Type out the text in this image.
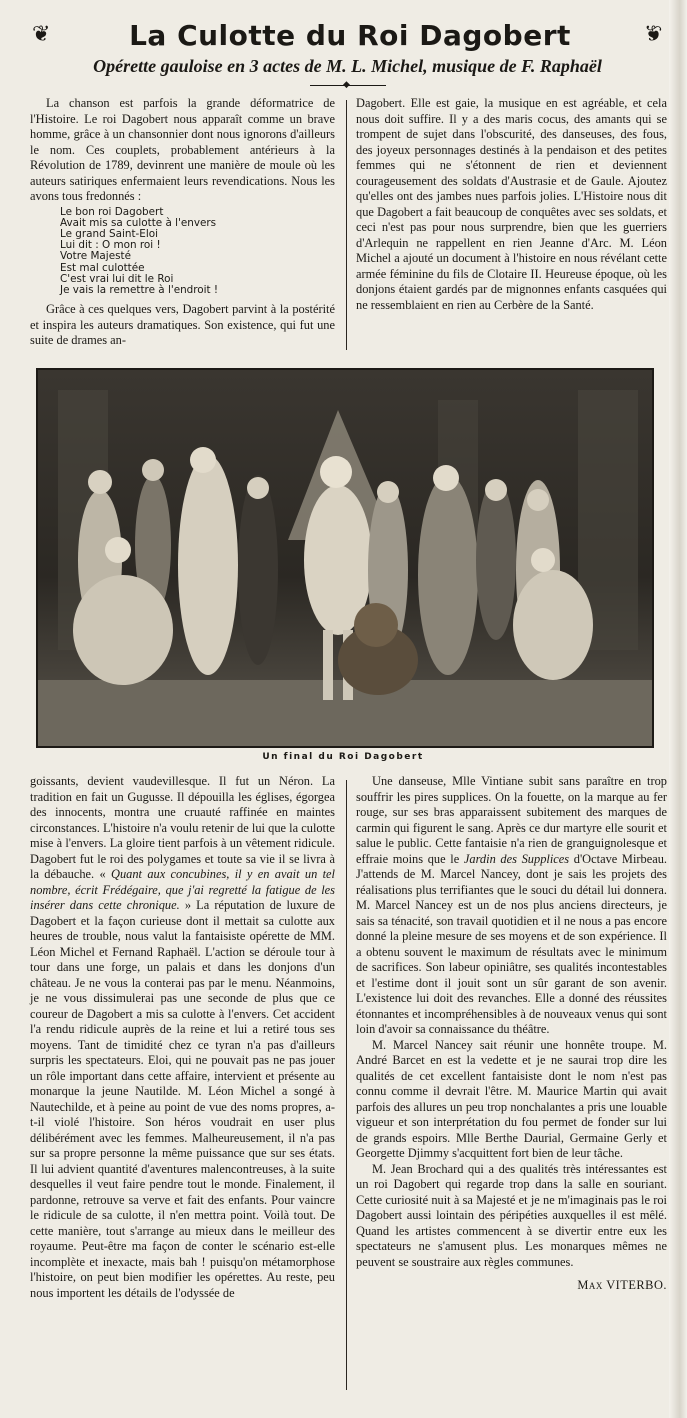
❦	La Culotte du Roi Dagobert	❦
Opérette gauloise en 3 actes de M. L. Michel, musique de F. Raphaël
◆

La chanson est parfois la grande déformatrice de l'Histoire. Le roi Dagobert nous apparaît comme un brave homme, grâce à un chansonnier dont nous ignorons d'ailleurs le nom. Ces couplets, probablement antérieurs à la Révolution de 1789, devinrent une manière de moule où les auteurs satiriques enfermaient leurs revendications. Nous les avons tous fredonnés :

Le bon roi Dagobert
Avait mis sa culotte à l'envers
Le grand Saint-Eloi
Lui dit : O mon roi !
Votre Majesté
Est mal culottée
C'est vrai lui dit le Roi
Je vais la remettre à l'endroit !

Grâce à ces quelques vers, Dagobert parvint à la postérité et inspira les auteurs dramatiques. Son existence, qui fut une suite de drames an-

Dagobert. Elle est gaie, la musique en est agréable, et cela nous doit suffire. Il y a des maris cocus, des amants qui se trompent de sujet dans l'obscurité, des danseuses, des fous, des joyeux personnages destinés à la pendaison et des petites femmes qui ne s'étonnent de rien et deviennent courageusement des soldats d'Austrasie et de Gaule. Ajoutez qu'elles ont des jambes nues parfois jolies. L'Histoire nous dit que Dagobert a fait beaucoup de conquêtes avec ses soldats, et ceci n'est pas pour nous surprendre, bien que les guerriers d'Arlequin ne rappellent en rien Jeanne d'Arc. M. Léon Michel a ajouté un document à l'histoire en nous révélant cette armée féminine du fils de Clotaire II. Heureuse époque, où les donjons étaient gardés par de mignonnes enfants casquées qui ne ressemblaient en rien au Cerbère de la Santé.

Un final du Roi Dagobert

goissants, devient vaudevillesque. Il fut un Néron. La tradition en fait un Gugusse. Il dépouilla les églises, égorgea des innocents, montra une cruauté raffinée en maintes circonstances. L'histoire n'a voulu retenir de lui que la culotte mise à l'envers. La gloire tient parfois à un vêtement ridicule. Dagobert fut le roi des polygames et toute sa vie il se livra à la débauche. « Quant aux concubines, il y en avait un tel nombre, écrit Frédégaire, que j'ai regretté la fatigue de les insérer dans cette chronique. » La réputation de luxure de Dagobert et la façon curieuse dont il mettait sa culotte aux heures de trouble, nous valut la fantaisiste opérette de MM. Léon Michel et Fernand Raphaël. L'action se déroule tour à tour dans une forge, un palais et dans les donjons d'un château. Je ne vous la conterai pas par le menu. Néanmoins, je ne vous dissimulerai pas une seconde de plus que ce coureur de Dagobert a mis sa culotte à l'envers. Cet accident l'a rendu ridicule auprès de la reine et lui a retiré tous ses moyens. Tant de timidité chez ce tyran n'a pas d'ailleurs surpris les spectateurs. Eloi, qui ne pouvait pas ne pas jouer un rôle important dans cette affaire, intervient et présente au monarque la jeune Nautilde. M. Léon Michel a songé à Nautechilde, et à peine au point de vue des noms propres, a-t-il violé l'histoire. Son héros voudrait en user plus délibérément avec les femmes. Malheureusement, il n'a pas sur sa propre personne la même puissance que sur ses états. Il lui advient quantité d'aventures malencontreuses, à la suite desquelles il veut faire pendre tout le monde. Finalement, il pardonne, retrouve sa verve et fait des enfants. Pour vaincre le ridicule de sa culotte, il n'en mettra point. Voilà tout. De cette manière, tout s'arrange au mieux dans le meilleur des royaume. Peut-être ma façon de conter le scénario est-elle incomplète et inexacte, mais bah ! puisqu'on métamorphose l'histoire, on peut bien modifier les opérettes. Au reste, peu nous importent les détails de l'odyssée de

Une danseuse, Mlle Vintiane subit sans paraître en trop souffrir les pires supplices. On la fouette, on la marque au fer rouge, sur ses bras apparaissent subitement des marques de carmin qui figurent le sang. Après ce dur martyre elle sourit et salue le public. Cette fantaisie n'a rien de granguignolesque et effraie moins que le Jardin des Supplices d'Octave Mirbeau. J'attends de M. Marcel Nancey, dont je sais les projets des réalisations plus terrifiantes que le souci du détail lui donnera. M. Marcel Nancey est un de nos plus anciens directeurs, je sais sa ténacité, son travail quotidien et il ne nous a pas encore donné la pleine mesure de ses moyens et de son expérience. Il a obtenu souvent le maximum de résultats avec le minimum de sacrifices. Son labeur opiniâtre, ses qualités incontestables et l'estime dont il jouit sont un sûr garant de son avenir. L'existence lui doit des revanches. Elle a donné des réussites étonnantes et incompréhensibles à de nouveaux venus qui sont loin d'avoir sa connaissance du théâtre.

M. Marcel Nancey sait réunir une honnête troupe. M. André Barcet en est la vedette et je ne saurai trop dire les qualités de cet excellent fantaisiste dont le nom n'est pas connu comme il devrait l'être. M. Maurice Martin qui avait parfois des allures un peu trop nonchalantes a pris une louable vigueur et son interprétation du fou permet de fonder sur lui de grands espoirs. Mlle Berthe Daurial, Germaine Gerly et Georgette Djimmy s'acquittent fort bien de leur tâche.

M. Jean Brochard qui a des qualités très intéressantes est un roi Dagobert qui regarde trop dans la salle en souriant. Cette curiosité nuit à sa Majesté et je ne m'imaginais pas le roi Dagobert aussi lointain des péripéties auxquelles il est mêlé. Quand les artistes commencent à se divertir entre eux les spectateurs ne s'amusent plus. Les monarques mêmes ne peuvent se soustraire aux règles communes.

Max VITERBO.
